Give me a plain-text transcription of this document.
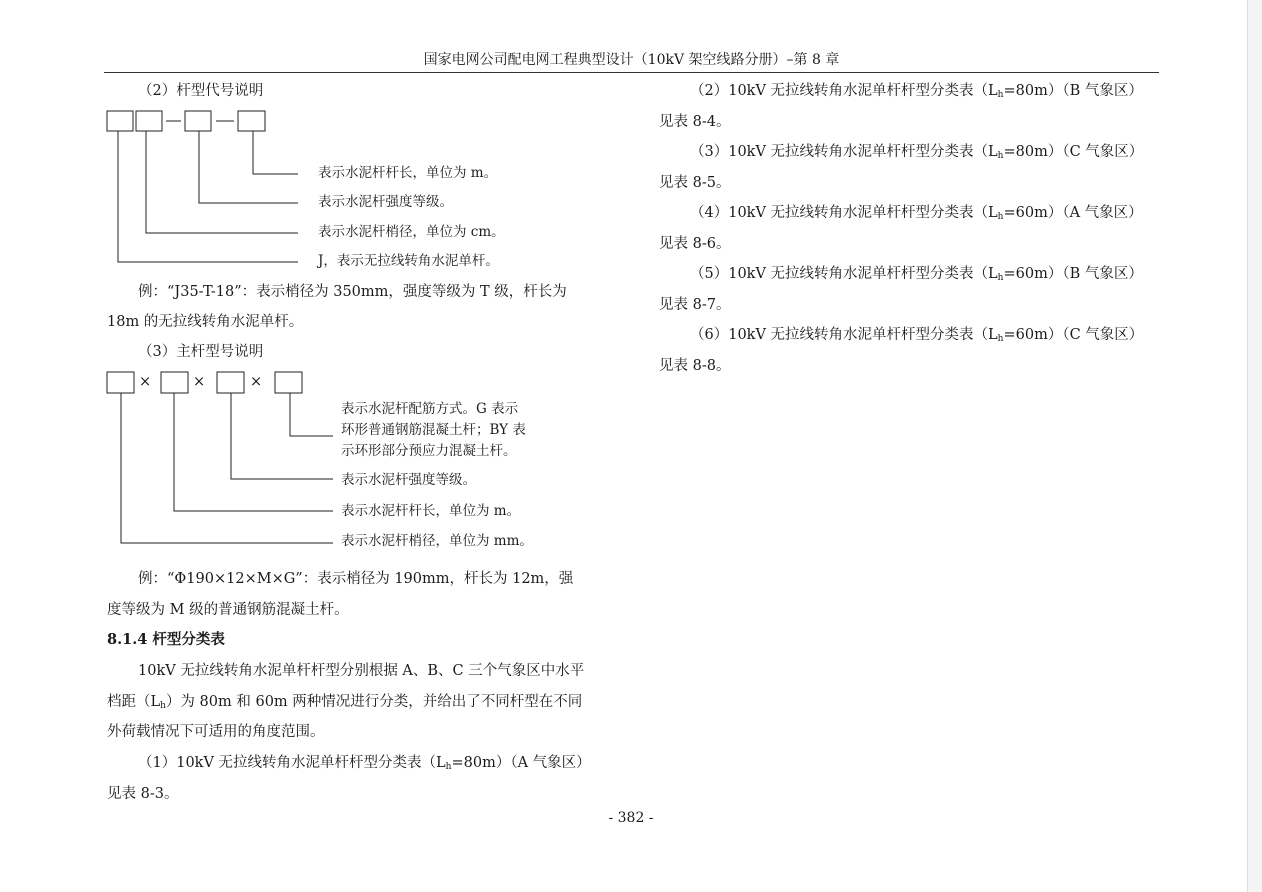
国家电网公司配电网工程典型设计（10kV 架空线路分册）–第 8 章
（2）杆型代号说明
表示水泥杆杆长，单位为 m。
表示水泥杆强度等级。
表示水泥杆梢径，单位为 cm。
J，表示无拉线转角水泥单杆。
例：“J35-T-18”：表示梢径为 350mm，强度等级为 T 级，杆长为
18m 的无拉线转角水泥单杆。
（3）主杆型号说明
×	×	×
表示水泥杆配筋方式。G 表示
环形普通钢筋混凝土杆；BY 表
示环形部分预应力混凝土杆。
表示水泥杆强度等级。
表示水泥杆杆长，单位为 m。
表示水泥杆梢径，单位为 mm。
例：“Φ190×12×M×G”：表示梢径为 190mm，杆长为 12m，强
度等级为 M 级的普通钢筋混凝土杆。
8.1.4 杆型分类表
10kV 无拉线转角水泥单杆杆型分别根据 A、B、C 三个气象区中水平
档距$(L_h)$为 80m 和 60m 两种情况进行分类，并给出了不同杆型在不同
外荷载情况下可适用的角度范围。
（1）10kV 无拉线转角水泥单杆杆型分类表$(L_h=80m)(A$ 气象区）
见表 8-3。
（2）10kV 无拉线转角水泥单杆杆型分类表$(L_h=80m)(B$ 气象区）
见表 8-4。
（3）10kV 无拉线转角水泥单杆杆型分类表$(L_h=80m)(C$ 气象区）
见表 8-5。
（4）10kV 无拉线转角水泥单杆杆型分类表$(L_h=60m)(A$ 气象区）
见表 8-6。
（5）10kV 无拉线转角水泥单杆杆型分类表$(L_h=60m)(B$ 气象区）
见表 8-7。
（6）10kV 无拉线转角水泥单杆杆型分类表$(L_h=60m)(C$ 气象区）
见表 8-8。
- 382 -
